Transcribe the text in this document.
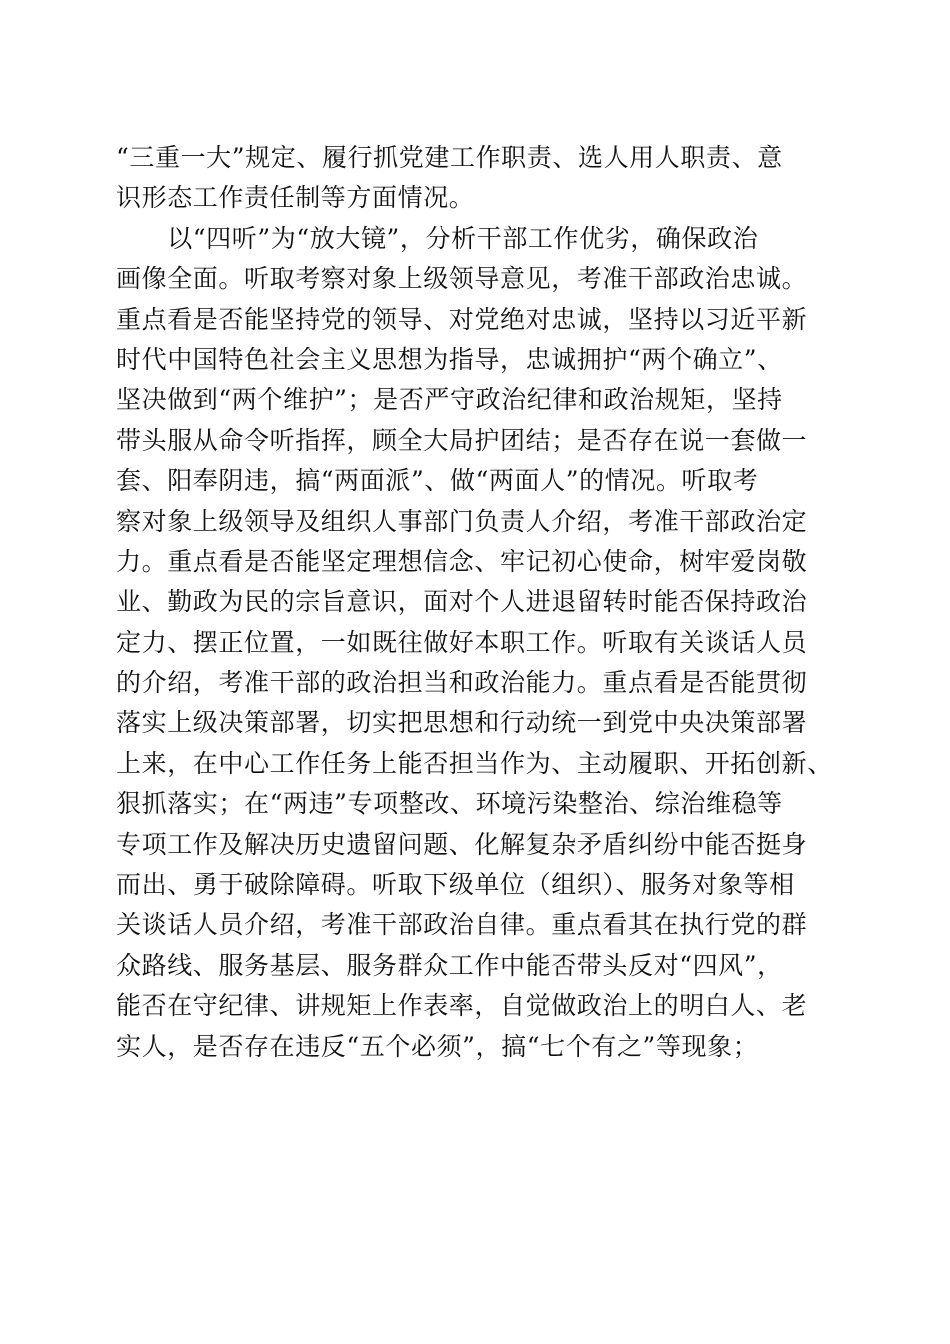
“三重一大”规定、履行抓党建工作职责、选人用人职责、意
识形态工作责任制等方面情况。
　　以“四听”为“放大镜”，分析干部工作优劣，确保政治
画像全面。听取考察对象上级领导意见，考准干部政治忠诚。
重点看是否能坚持党的领导、对党绝对忠诚，坚持以习近平新
时代中国特色社会主义思想为指导，忠诚拥护“两个确立”、
坚决做到“两个维护”；是否严守政治纪律和政治规矩，坚持
带头服从命令听指挥，顾全大局护团结；是否存在说一套做一
套、阳奉阴违，搞“两面派”、做“两面人”的情况。听取考
察对象上级领导及组织人事部门负责人介绍，考准干部政治定
力。重点看是否能坚定理想信念、牢记初心使命，树牢爱岗敬
业、勤政为民的宗旨意识，面对个人进退留转时能否保持政治
定力、摆正位置，一如既往做好本职工作。听取有关谈话人员
的介绍，考准干部的政治担当和政治能力。重点看是否能贯彻
落实上级决策部署，切实把思想和行动统一到党中央决策部署
上来，在中心工作任务上能否担当作为、主动履职、开拓创新、
狠抓落实；在“两违”专项整改、环境污染整治、综治维稳等
专项工作及解决历史遗留问题、化解复杂矛盾纠纷中能否挺身
而出、勇于破除障碍。听取下级单位（组织）、服务对象等相
关谈话人员介绍，考准干部政治自律。重点看其在执行党的群
众路线、服务基层、服务群众工作中能否带头反对“四风”，
能否在守纪律、讲规矩上作表率，自觉做政治上的明白人、老
实人，是否存在违反“五个必须”，搞“七个有之”等现象；
